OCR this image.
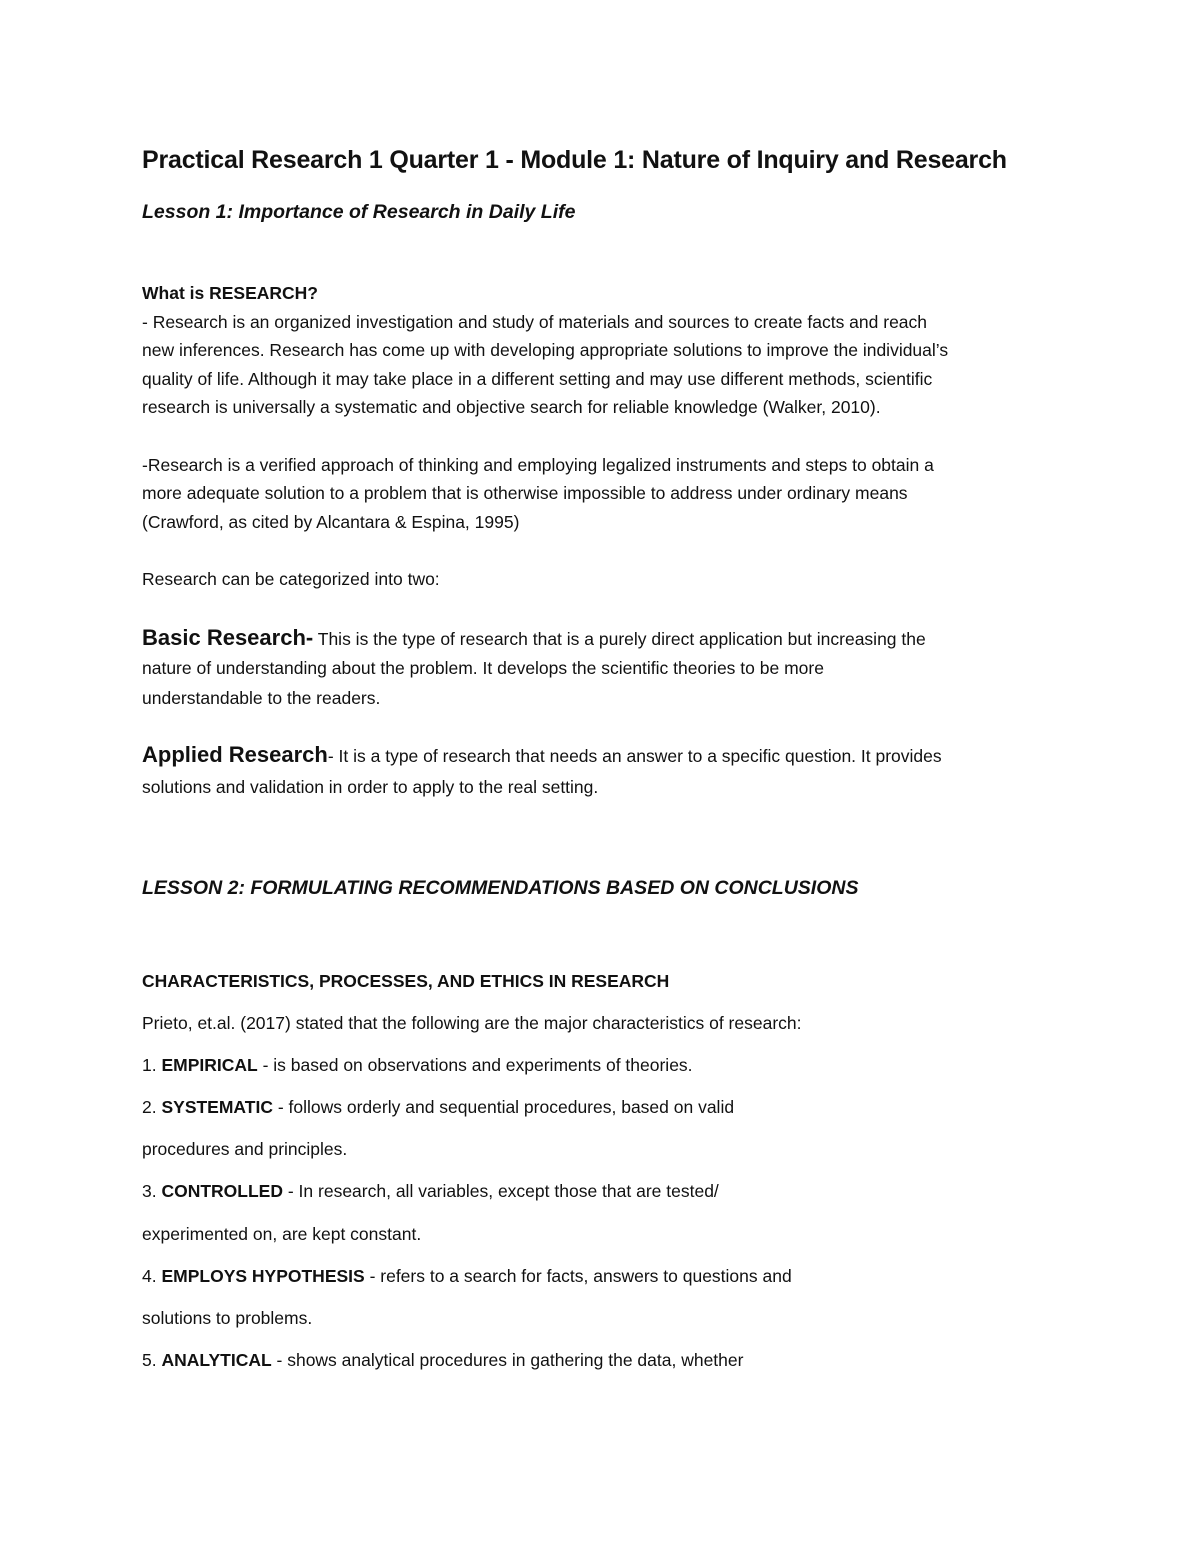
Practical Research 1 Quarter 1 - Module 1: Nature of Inquiry and Research
Lesson 1: Importance of Research in Daily Life

What is RESEARCH?

- Research is an organized investigation and study of materials and sources to create facts and reach

new inferences. Research has come up with developing appropriate solutions to improve the individual’s

quality of life. Although it may take place in a different setting and may use different methods, scientific

research is universally a systematic and objective search for reliable knowledge (Walker, 2010).

-Research is a verified approach of thinking and employing legalized instruments and steps to obtain a

more adequate solution to a problem that is otherwise impossible to address under ordinary means

(Crawford, as cited by Alcantara & Espina, 1995)

Research can be categorized into two:

Basic Research- This is the type of research that is a purely direct application but increasing the

nature of understanding about the problem. It develops the scientific theories to be more

understandable to the readers.

Applied Research- It is a type of research that needs an answer to a specific question. It provides

solutions and validation in order to apply to the real setting.

LESSON 2: FORMULATING RECOMMENDATIONS BASED ON CONCLUSIONS

CHARACTERISTICS, PROCESSES, AND ETHICS IN RESEARCH

Prieto, et.al. (2017) stated that the following are the major characteristics of research:

1. EMPIRICAL - is based on observations and experiments of theories.

2. SYSTEMATIC - follows orderly and sequential procedures, based on valid

procedures and principles.

3. CONTROLLED - In research, all variables, except those that are tested/

experimented on, are kept constant.

4. EMPLOYS HYPOTHESIS - refers to a search for facts, answers to questions and

solutions to problems.

5. ANALYTICAL - shows analytical procedures in gathering the data, whether
